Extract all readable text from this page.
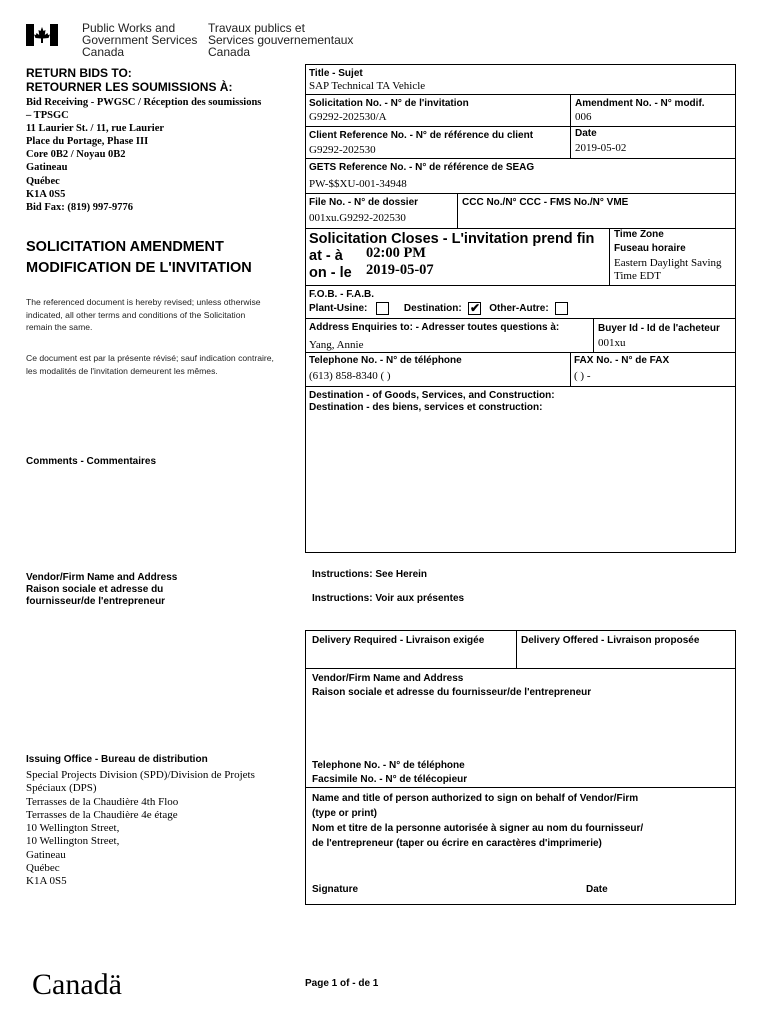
Public Works and
Government Services
Canada
Travaux publics et
Services gouvernementaux
Canada
RETURN BIDS TO:
RETOURNER LES SOUMISSIONS À:
Bid Receiving - PWGSC / Réception des soumissions
– TPSGC
11 Laurier St. / 11, rue Laurier
Place du Portage, Phase III
Core 0B2 / Noyau 0B2
Gatineau
Québec
K1A 0S5
Bid Fax: (819) 997-9776
SOLICITATION AMENDMENT
MODIFICATION DE L'INVITATION
The referenced document is hereby revised; unless otherwise
indicated, all other terms and conditions of the Solicitation
remain the same.
Ce document est par la présente révisé; sauf indication contraire,
les modalités de l'invitation demeurent les mêmes.
Comments - Commentaires
Vendor/Firm Name and Address
Raison sociale et adresse du
fournisseur/de l'entrepreneur
Issuing Office - Bureau de distribution
Special Projects Division (SPD)/Division de Projets
Spéciaux (DPS)
Terrasses de la Chaudière 4th Floo
Terrasses de la Chaudière 4e étage
10 Wellington Street,
10 Wellington Street,
Gatineau
Québec
K1A 0S5
Title - Sujet
SAP Technical TA Vehicle
Solicitation No. - N° de l'invitation
G9292-202530/A
Amendment No. - N° modif.
006
Client Reference No. - N° de référence du client
G9292-202530
Date
2019-05-02
GETS Reference No. - N° de référence de SEAG
PW-$$XU-001-34948
File No. - N° de dossier
001xu.G9292-202530
CCC No./N° CCC - FMS No./N° VME
Solicitation Closes - L'invitation prend fin
at - à 02:00 PM
on - le 2019-05-07
Time Zone
Fuseau horaire
Eastern Daylight Saving
Time EDT
F.O.B. - F.A.B.
Plant-Usine:	Destination: ✔ Other-Autre:
Address Enquiries to: - Adresser toutes questions à:
Yang, Annie
Buyer Id - Id de l'acheteur
001xu
Telephone No. - N° de téléphone
(613) 858-8340 ( )
FAX No. - N° de FAX
( ) -
Destination - of Goods, Services, and Construction:
Destination - des biens, services et construction:
Instructions: See Herein
Instructions: Voir aux présentes
Delivery Required - Livraison exigée	Delivery Offered - Livraison proposée
Vendor/Firm Name and Address
Raison sociale et adresse du fournisseur/de l'entrepreneur
Telephone No. - N° de téléphone
Facsimile No. - N° de télécopieur
Name and title of person authorized to sign on behalf of Vendor/Firm
(type or print)
Nom et titre de la personne autorisée à signer au nom du fournisseur/
de l'entrepreneur (taper ou écrire en caractères d'imprimerie)
Signature	Date
Canadä	Page 1 of - de 1
